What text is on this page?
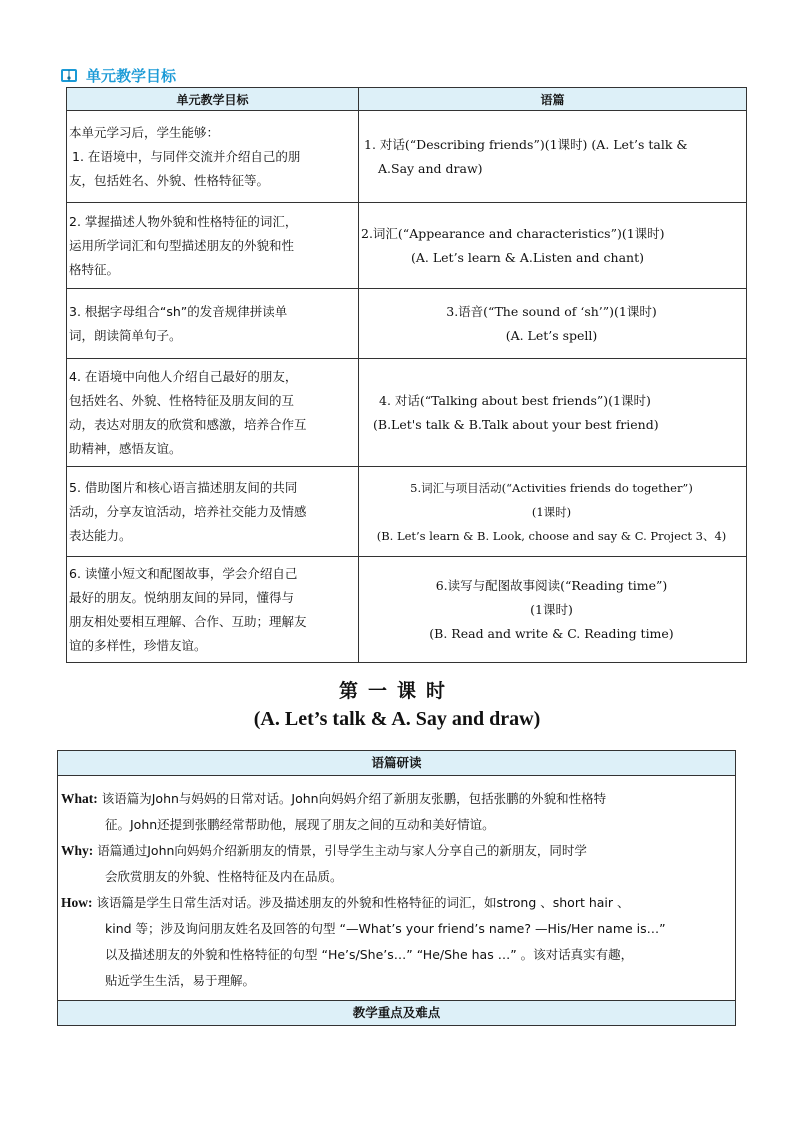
单元教学目标
单元教学目标	语篇

本单元学习后，学生能够：
1. 在语境中，与同伴交流并介绍自己的朋
友，包括姓名、外貌、性格特征等。	1. 对话(“Describing friends”)(1课时) (A. Let’s talk &
A.Say and draw)

2. 掌握描述人物外貌和性格特征的词汇，
运用所学词汇和句型描述朋友的外貌和性
格特征。	2.词汇(“Appearance and characteristics”)(1课时)
(A. Let’s learn & A.Listen and chant)

3. 根据字母组合“sh”的发音规律拼读单
词，朗读简单句子。	3.语音(“The sound of ‘sh’”)(1课时)
(A. Let’s spell)

4. 在语境中向他人介绍自己最好的朋友，
包括姓名、外貌、性格特征及朋友间的互
动，表达对朋友的欣赏和感激，培养合作互
助精神，感悟友谊。	4. 对话(“Talking about best friends”)(1课时)
(B.Let's talk & B.Talk about your best friend)

5. 借助图片和核心语言描述朋友间的共同
活动，分享友谊活动，培养社交能力及情感
表达能力。	5.词汇与项目活动(“Activities friends do together”)
(1课时)
(B. Let’s learn & B. Look, choose and say & C. Project 3、4)

6. 读懂小短文和配图故事，学会介绍自己
最好的朋友。悦纳朋友间的异同，懂得与
朋友相处要相互理解、合作、互助；理解友
谊的多样性，珍惜友谊。	6.读写与配图故事阅读(“Reading time”)
(1课时)
(B. Read and write & C. Reading time)
第一课时
(A. Let’s talk & A. Say and draw)
语篇研读
What: 该语篇为John与妈妈的日常对话。John向妈妈介绍了新朋友张鹏，包括张鹏的外貌和性格特
征。John还提到张鹏经常帮助他，展现了朋友之间的互动和美好情谊。
Why: 语篇通过John向妈妈介绍新朋友的情景，引导学生主动与家人分享自己的新朋友，同时学
会欣赏朋友的外貌、性格特征及内在品质。
How: 该语篇是学生日常生活对话。涉及描述朋友的外貌和性格特征的词汇，如strong 、short hair 、
kind 等；涉及询问朋友姓名及回答的句型 “—What’s your friend’s name? —His/Her name is…”
以及描述朋友的外貌和性格特征的句型 “He’s/She’s…” “He/She has …” 。该对话真实有趣，
贴近学生生活，易于理解。
教学重点及难点
